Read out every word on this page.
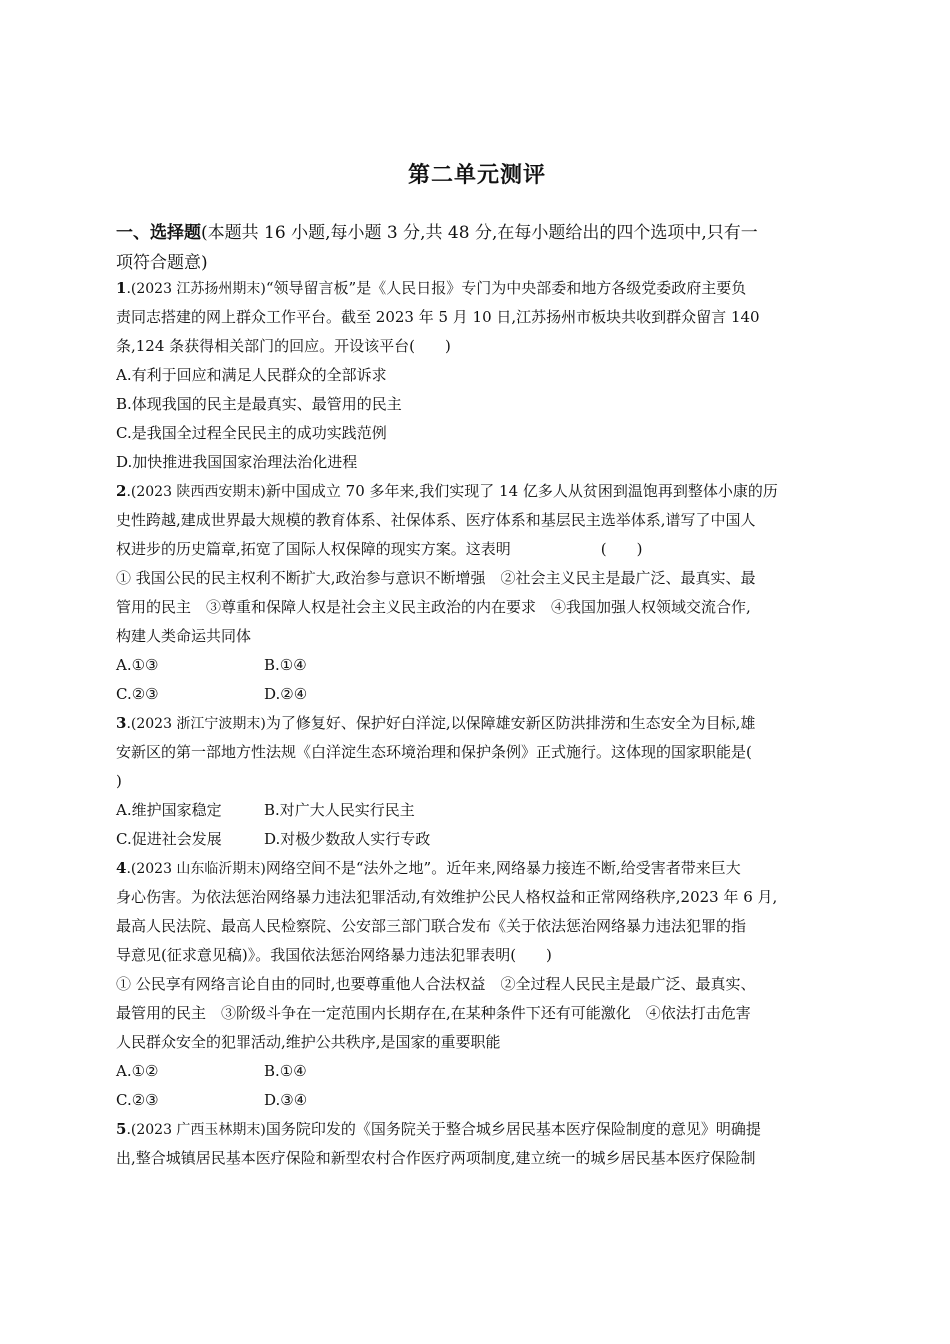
第二单元测评
一、选择题(本题共 16 小题,每小题 3 分,共 48 分,在每小题给出的四个选项中,只有一
项符合题意)
1.(2023 江苏扬州期末)“领导留言板”是《人民日报》专门为中央部委和地方各级党委政府主要负
责同志搭建的网上群众工作平台。截至 2023 年 5 月 10 日,江苏扬州市板块共收到群众留言 140
条,124 条获得相关部门的回应。开设该平台(　　)
A.有利于回应和满足人民群众的全部诉求
B.体现我国的民主是最真实、最管用的民主
C.是我国全过程全民民主的成功实践范例
D.加快推进我国国家治理法治化进程
2.(2023 陕西西安期末)新中国成立 70 多年来,我们实现了 14 亿多人从贫困到温饱再到整体小康的历
史性跨越,建成世界最大规模的教育体系、社保体系、医疗体系和基层民主选举体系,谱写了中国人
权进步的历史篇章,拓宽了国际人权保障的现实方案。这表明　　　　　　(　　)
① 我国公民的民主权利不断扩大,政治参与意识不断增强　②社会主义民主是最广泛、最真实、最
管用的民主　③尊重和保障人权是社会主义民主政治的内在要求　④我国加强人权领域交流合作,
构建人类命运共同体
A.①③	B.①④
C.②③	D.②④
3.(2023 浙江宁波期末)为了修复好、保护好白洋淀,以保障雄安新区防洪排涝和生态安全为目标,雄
安新区的第一部地方性法规《白洋淀生态环境治理和保护条例》正式施行。这体现的国家职能是(
)
A.维护国家稳定	B.对广大人民实行民主
C.促进社会发展	D.对极少数敌人实行专政
4.(2023 山东临沂期末)网络空间不是“法外之地”。近年来,网络暴力接连不断,给受害者带来巨大
身心伤害。为依法惩治网络暴力违法犯罪活动,有效维护公民人格权益和正常网络秩序,2023 年 6 月,
最高人民法院、最高人民检察院、公安部三部门联合发布《关于依法惩治网络暴力违法犯罪的指
导意见(征求意见稿)》。我国依法惩治网络暴力违法犯罪表明(　　)
① 公民享有网络言论自由的同时,也要尊重他人合法权益　②全过程人民民主是最广泛、最真实、
最管用的民主　③阶级斗争在一定范围内长期存在,在某种条件下还有可能激化　④依法打击危害
人民群众安全的犯罪活动,维护公共秩序,是国家的重要职能
A.①②	B.①④
C.②③	D.③④
5.(2023 广西玉林期末)国务院印发的《国务院关于整合城乡居民基本医疗保险制度的意见》明确提
出,整合城镇居民基本医疗保险和新型农村合作医疗两项制度,建立统一的城乡居民基本医疗保险制
